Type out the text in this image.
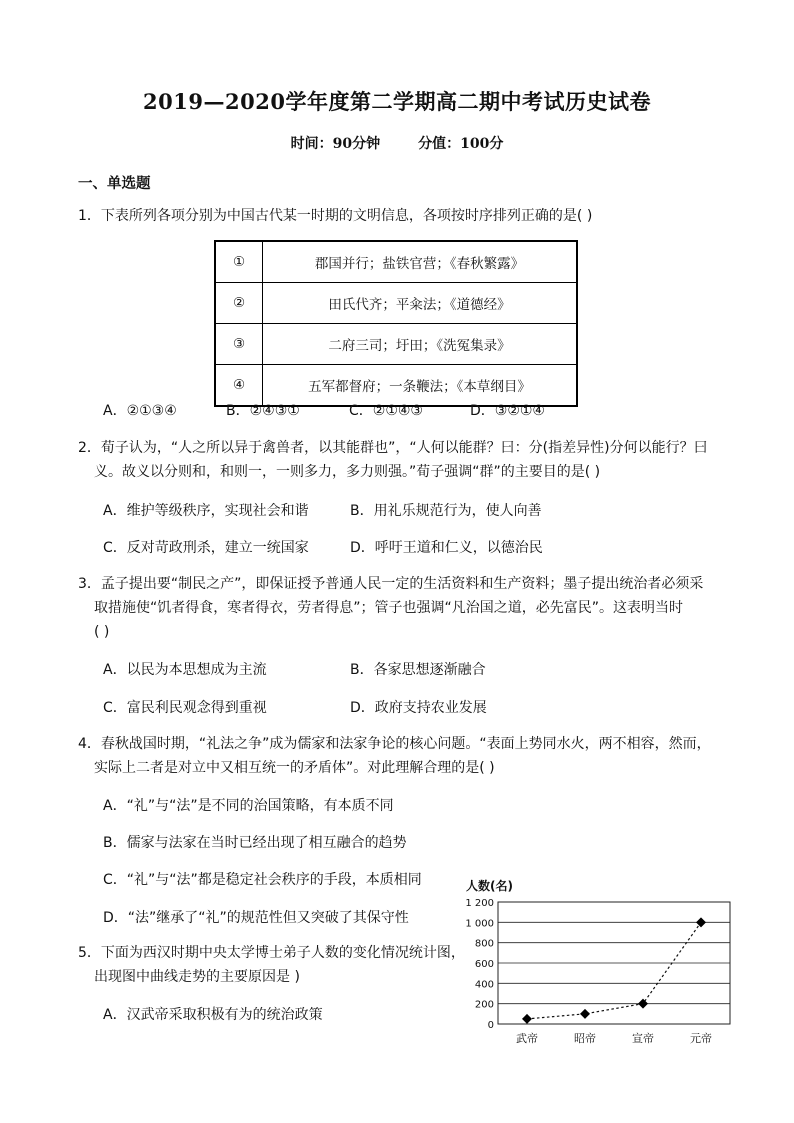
2019—2020学年度第二学期高二期中考试历史试卷
时间：90分钟	分值：100分
一、单选题
1．下表所列各项分别为中国古代某一时期的文明信息，各项按时序排列正确的是( )
①	郡国并行；盐铁官营；《春秋繁露》
②	田氏代齐；平籴法；《道德经》
③	二府三司；圩田；《洗冤集录》
④	五军都督府；一条鞭法；《本草纲目》
A．②①③④	B．②④③①	C．②①④③	D．③②①④
2．荀子认为，“人之所以异于禽兽者，以其能群也”，“人何以能群？曰：分(指差异性)分何以能行？曰
义。故义以分则和，和则一，一则多力，多力则强。”荀子强调“群”的主要目的是( )
A．维护等级秩序，实现社会和谐	B．用礼乐规范行为，使人向善
C．反对苛政刑杀，建立一统国家	D．呼吁王道和仁义，以德治民
3．孟子提出要“制民之产”，即保证授予普通人民一定的生活资料和生产资料；墨子提出统治者必须采
取措施使“饥者得食，寒者得衣，劳者得息”；管子也强调“凡治国之道，必先富民”。这表明当时
( )
A．以民为本思想成为主流	B．各家思想逐渐融合
C．富民利民观念得到重视	D．政府支持农业发展
4．春秋战国时期，“礼法之争”成为儒家和法家争论的核心问题。“表面上势同水火，两不相容，然而，
实际上二者是对立中又相互统一的矛盾体”。对此理解合理的是( )
A．“礼”与“法”是不同的治国策略，有本质不同
B．儒家与法家在当时已经出现了相互融合的趋势
C．“礼”与“法”都是稳定社会秩序的手段，本质相同
D．“法”继承了“礼”的规范性但又突破了其保守性
5．下面为西汉时期中央太学博士弟子人数的变化情况统计图，
出现图中曲线走势的主要原因是 )
A．汉武帝采取积极有为的统治政策
人数(名)
0
200
400
600
800
1 000
1 200
武帝	昭帝	宣帝	元帝
